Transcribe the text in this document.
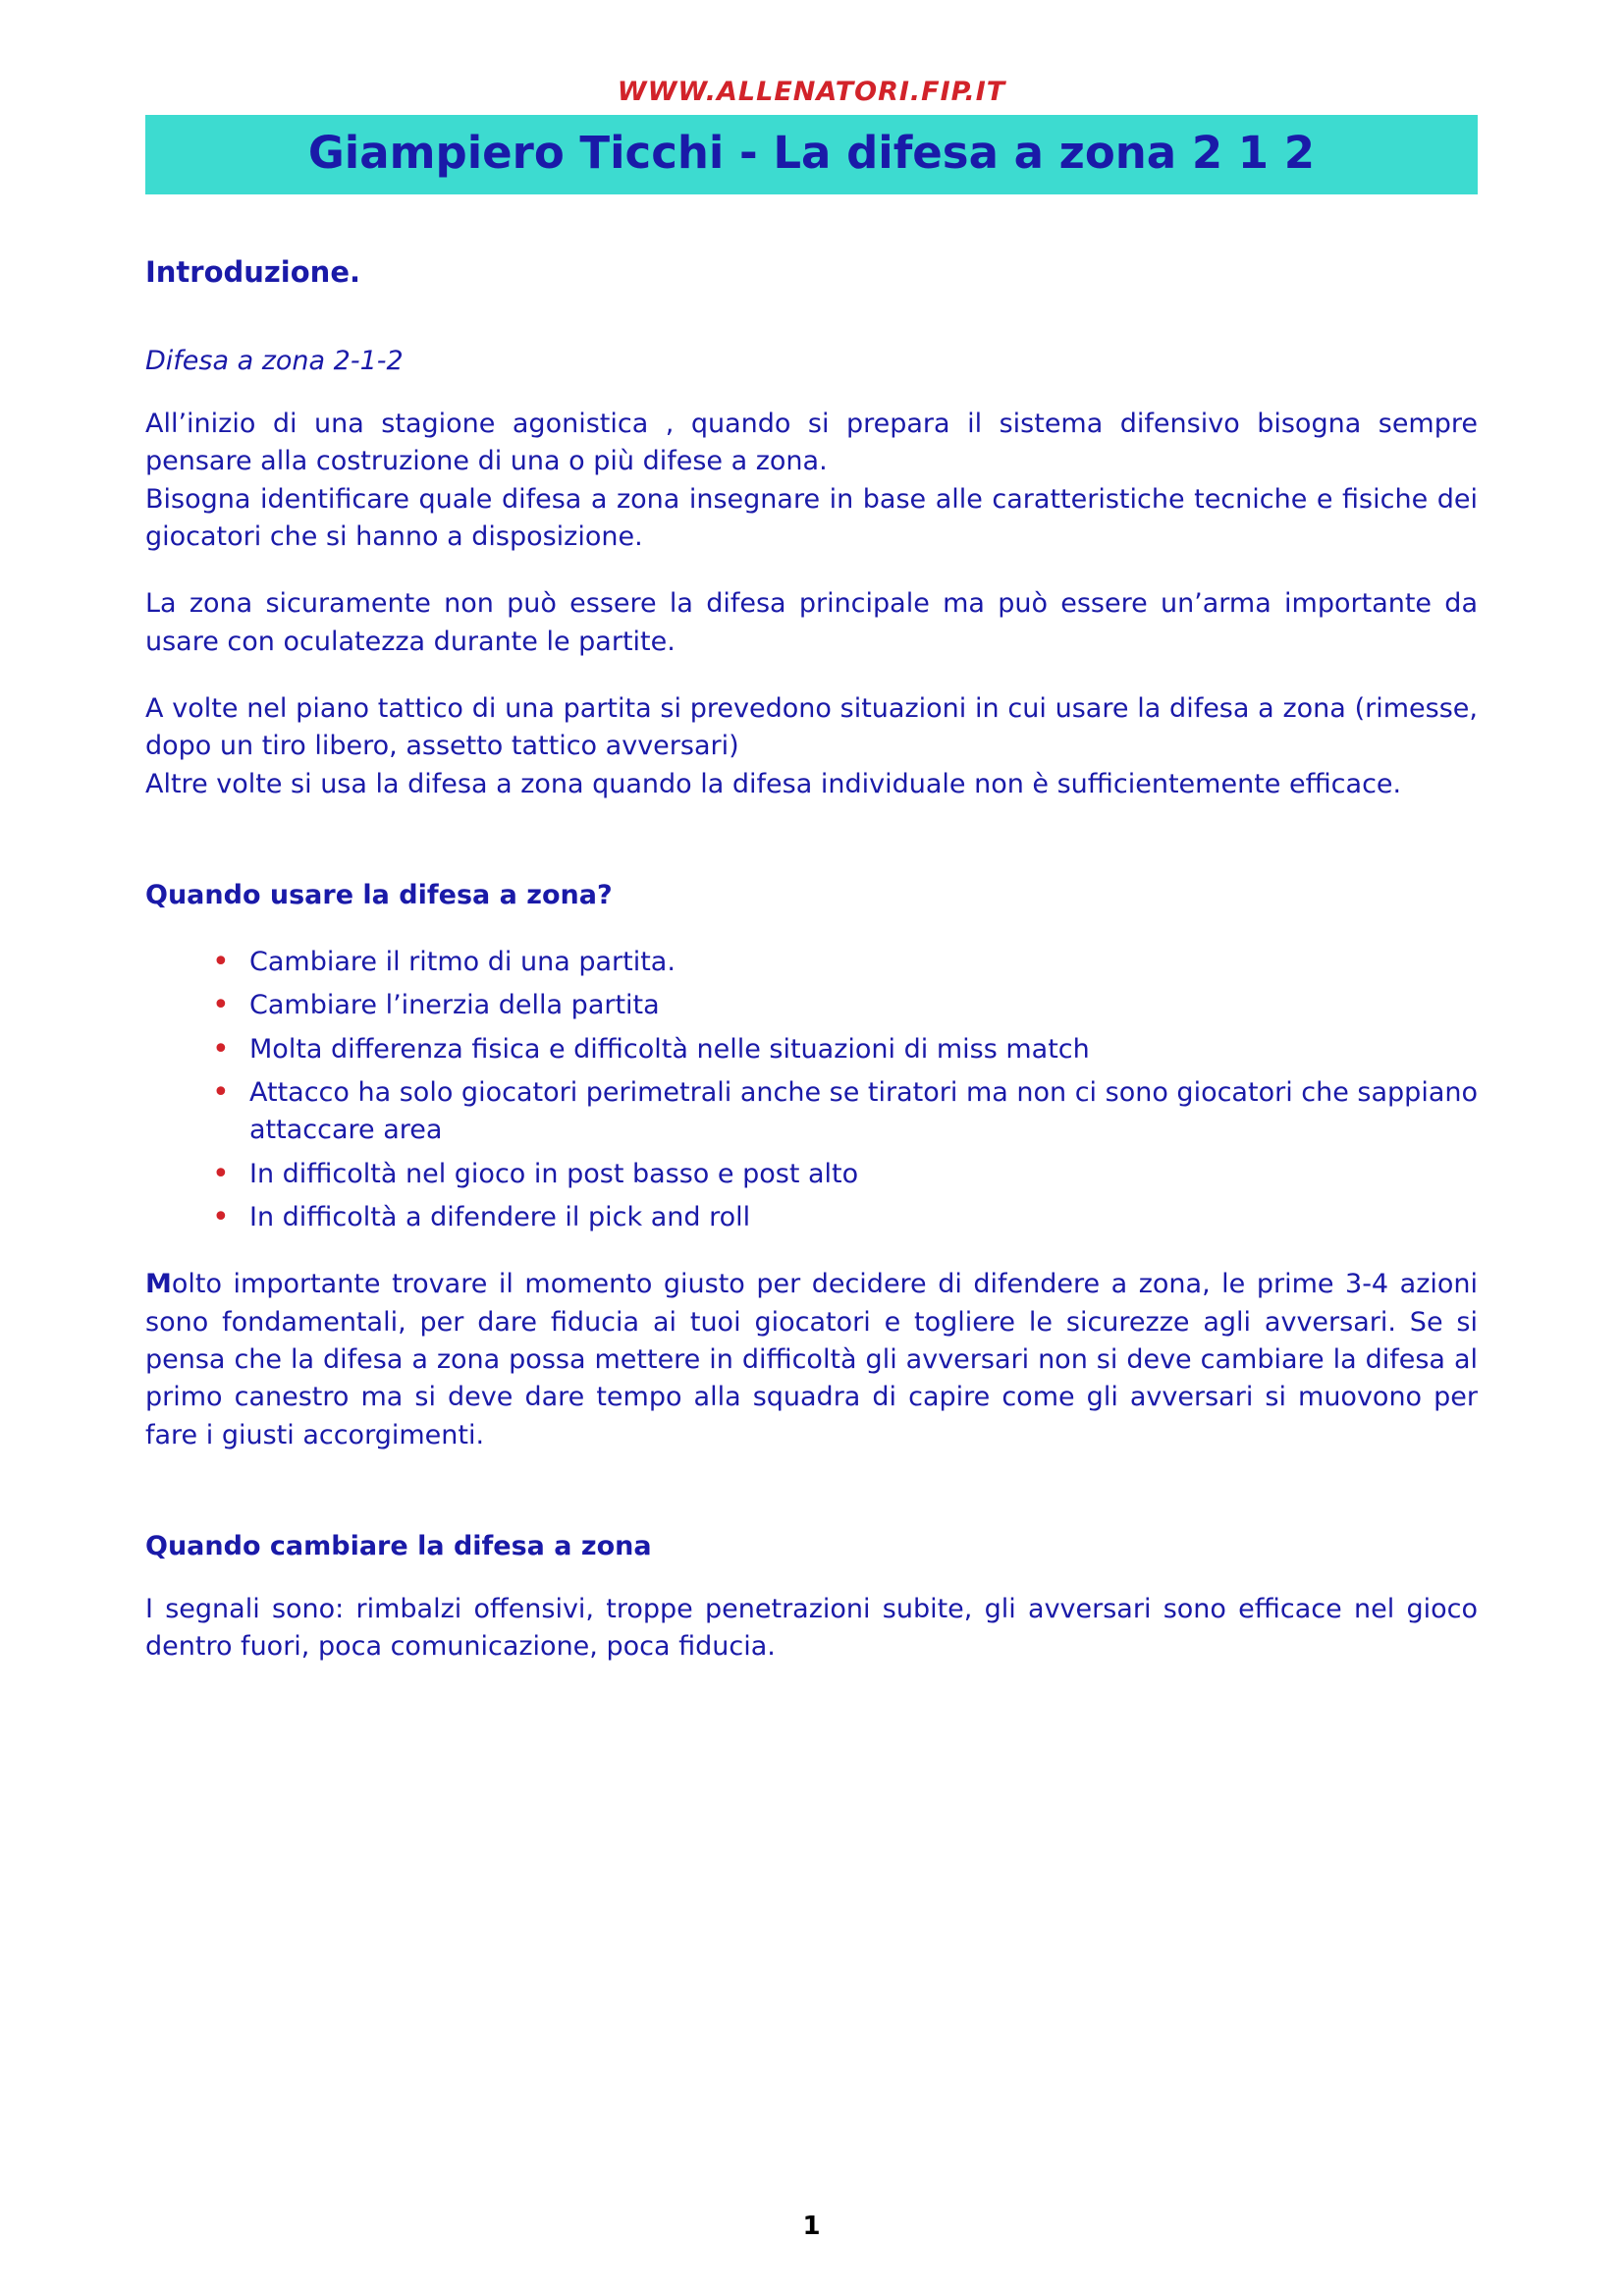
WWW.ALLENATORI.FIP.IT
Giampiero Ticchi - La difesa a zona 2 1 2
Introduzione.
Difesa a zona 2-1-2

All’inizio di una stagione agonistica , quando si prepara il sistema difensivo bisogna sempre pensare alla costruzione di una o più difese a zona.

Bisogna identificare quale difesa a zona insegnare in base alle caratteristiche tecniche e fisiche dei giocatori che si hanno a disposizione.

La zona sicuramente non può essere la difesa principale ma può essere un’arma importante da usare con oculatezza durante le partite.

A volte nel piano tattico di una partita si prevedono situazioni in cui usare la difesa a zona (rimesse, dopo un tiro libero, assetto tattico avversari)

Altre volte si usa la difesa a zona quando la difesa individuale non è sufficientemente efficace.

Quando usare la difesa a zona?
• Cambiare il ritmo di una partita.
• Cambiare l’inerzia della partita
• Molta differenza fisica e difficoltà nelle situazioni di miss match
• Attacco ha solo giocatori perimetrali anche se tiratori ma non ci sono giocatori che sappiano attaccare area
• In difficoltà nel gioco in post basso e post alto
• In difficoltà a difendere il pick and roll

Molto importante trovare il momento giusto per decidere di difendere a zona, le prime 3-4 azioni sono fondamentali, per dare fiducia ai tuoi giocatori e togliere le sicurezze agli avversari. Se si pensa che la difesa a zona possa mettere in difficoltà gli avversari non si deve cambiare la difesa al primo canestro ma si deve dare tempo alla squadra di capire come gli avversari si muovono per fare i giusti accorgimenti.

Quando cambiare la difesa a zona

I segnali sono: rimbalzi offensivi, troppe penetrazioni subite, gli avversari sono efficace nel gioco dentro fuori, poca comunicazione, poca fiducia.

1
